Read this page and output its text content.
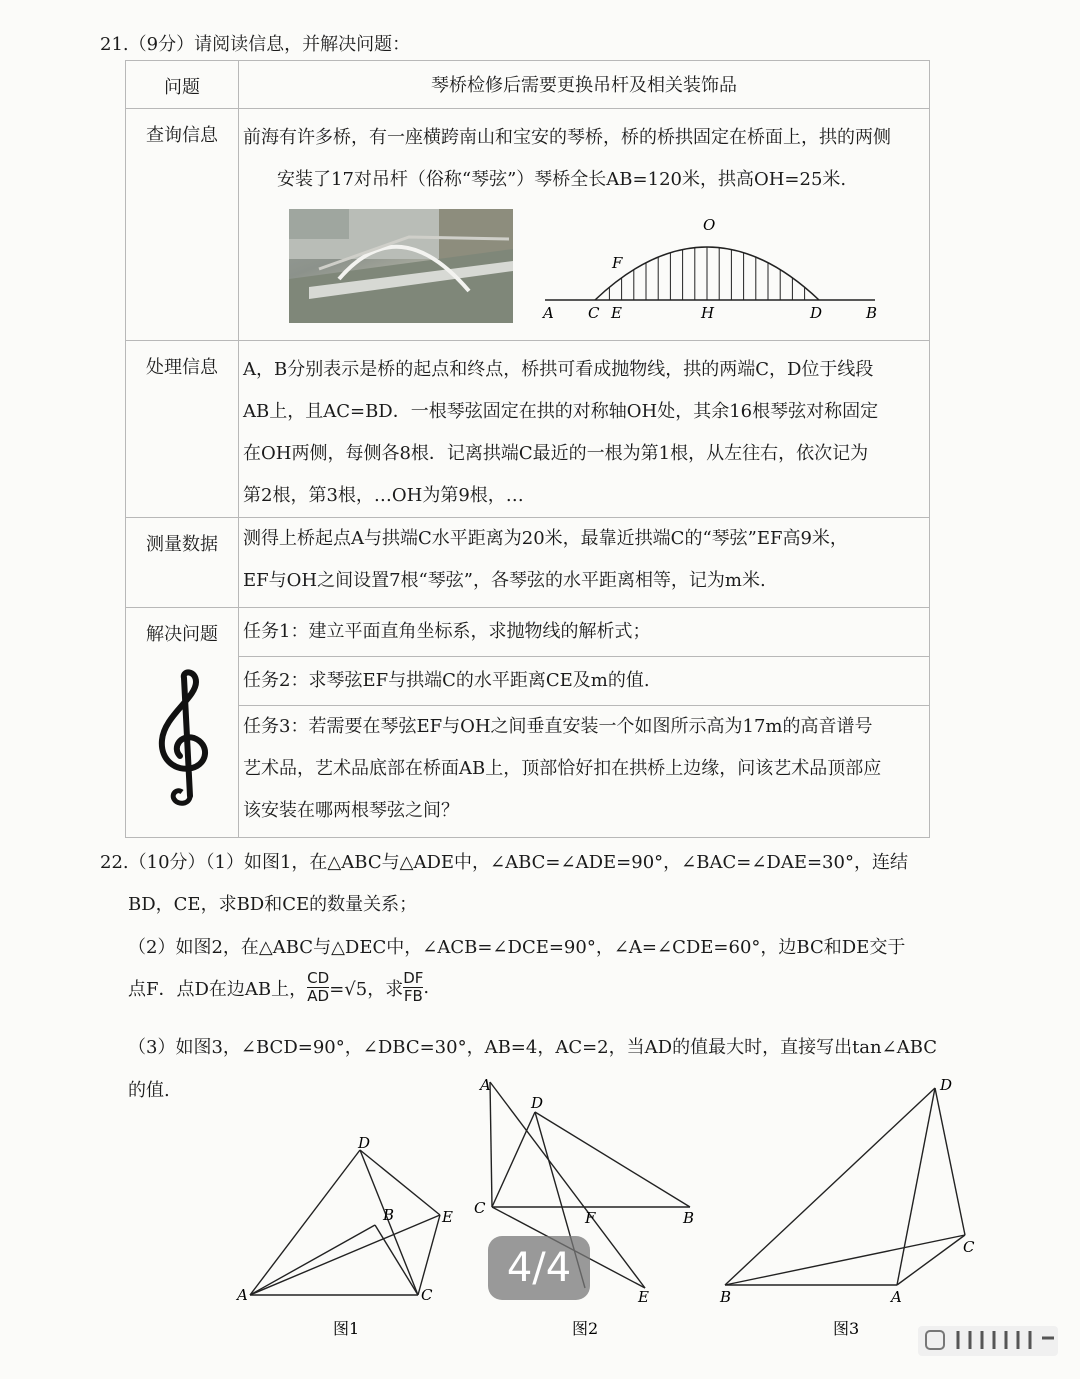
21.（9分）请阅读信息，并解决问题：
问题	琴桥检修后需要更换吊杆及相关装饰品
查询信息	前海有许多桥，有一座横跨南山和宝安的琴桥，桥的桥拱固定在桥面上，拱的两侧
安装了17对吊杆（俗称“琴弦”）琴桥全长AB=120米，拱高OH=25米.

处理信息	A，B分别表示是桥的起点和终点，桥拱可看成抛物线，拱的两端C，D位于线段
AB上，且AC=BD．一根琴弦固定在拱的对称轴OH处，其余16根琴弦对称固定
在OH两侧，每侧各8根．记离拱端C最近的一根为第1根，从左往右，依次记为
第2根，第3根，…OH为第9根，…

测量数据	测得上桥起点A与拱端C水平距离为20米，最靠近拱端C的“琴弦”EF高9米，
EF与OH之间设置7根“琴弦”，各琴弦的水平距离相等，记为m米.

解决问题	任务1：建立平面直角坐标系，求抛物线的解析式；
任务2：求琴弦EF与拱端C的水平距离CE及m的值.
任务3：若需要在琴弦EF与OH之间垂直安装一个如图所示高为17m的高音谱号
艺术品，艺术品底部在桥面AB上，顶部恰好扣在拱桥上边缘，问该艺术品顶部应
该安装在哪两根琴弦之间？
O
F
A C E	H	D	B
22.（10分）（1）如图1，在△ABC与△ADE中，∠ABC=∠ADE=90°，∠BAC=∠DAE=30°，连结
BD，CE，求BD和CE的数量关系；
（2）如图2，在△ABC与△DEC中，∠ACB=∠DCE=90°，∠A=∠CDE=60°，边BC和DE交于
点F．点D在边AB上， $\frac{CD}{AD} =√5$，求 $\frac{DF}{FB}$ .
（3）如图3，∠BCD=90°，∠DBC=30°，AB=4，AC=2，当AD的值最大时，直接写出tan∠ABC
的值.
A
B
C
D
E
图1
A
D
C
F	B
E
图2
D
C
B	A
图3
4/4
